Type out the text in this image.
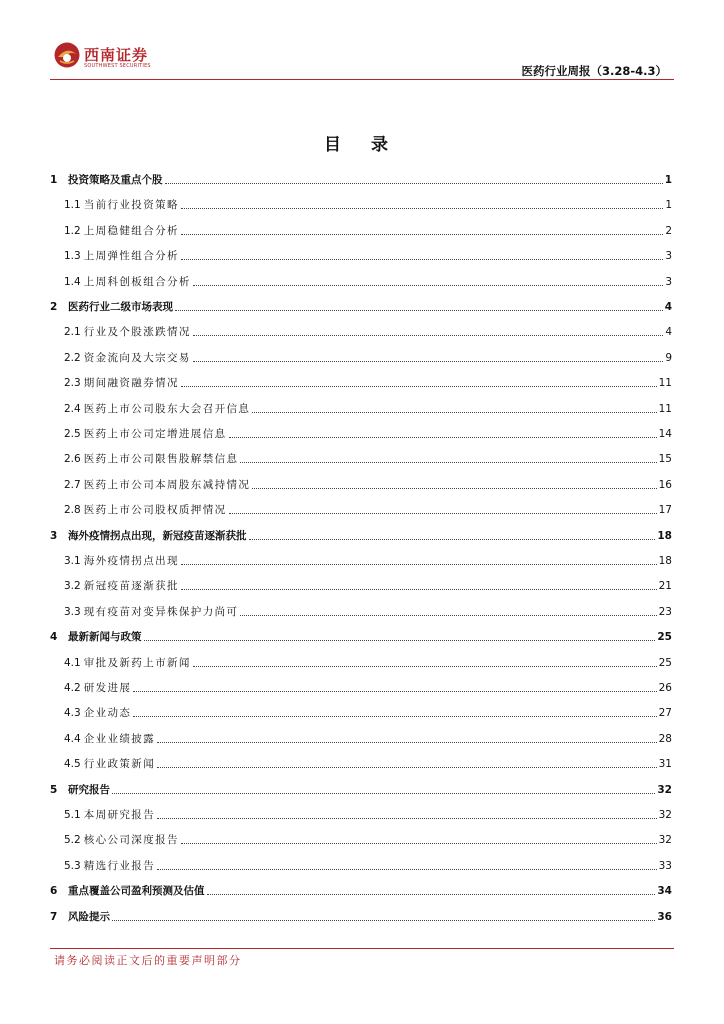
西南证券
SOUTHWEST SECURITIES	医药行业周报（3.28-4.3）
目 录
1	投资策略及重点个股	1
1.1 当前行业投资策略	1
1.2 上周稳健组合分析	2
1.3 上周弹性组合分析	3
1.4 上周科创板组合分析	3
2	医药行业二级市场表现	4
2.1 行业及个股涨跌情况	4
2.2 资金流向及大宗交易	9
2.3 期间融资融券情况	11
2.4 医药上市公司股东大会召开信息	11
2.5 医药上市公司定增进展信息	14
2.6 医药上市公司限售股解禁信息	15
2.7 医药上市公司本周股东减持情况	16
2.8 医药上市公司股权质押情况	17
3	海外疫情拐点出现，新冠疫苗逐渐获批	18
3.1 海外疫情拐点出现	18
3.2 新冠疫苗逐渐获批	21
3.3 现有疫苗对变异株保护力尚可	23
4	最新新闻与政策	25
4.1 审批及新药上市新闻	25
4.2 研发进展	26
4.3 企业动态	27
4.4 企业业绩披露	28
4.5 行业政策新闻	31
5	研究报告	32
5.1 本周研究报告	32
5.2 核心公司深度报告	32
5.3 精选行业报告	33
6	重点覆盖公司盈利预测及估值	34
7	风险提示	36
请务必阅读正文后的重要声明部分
